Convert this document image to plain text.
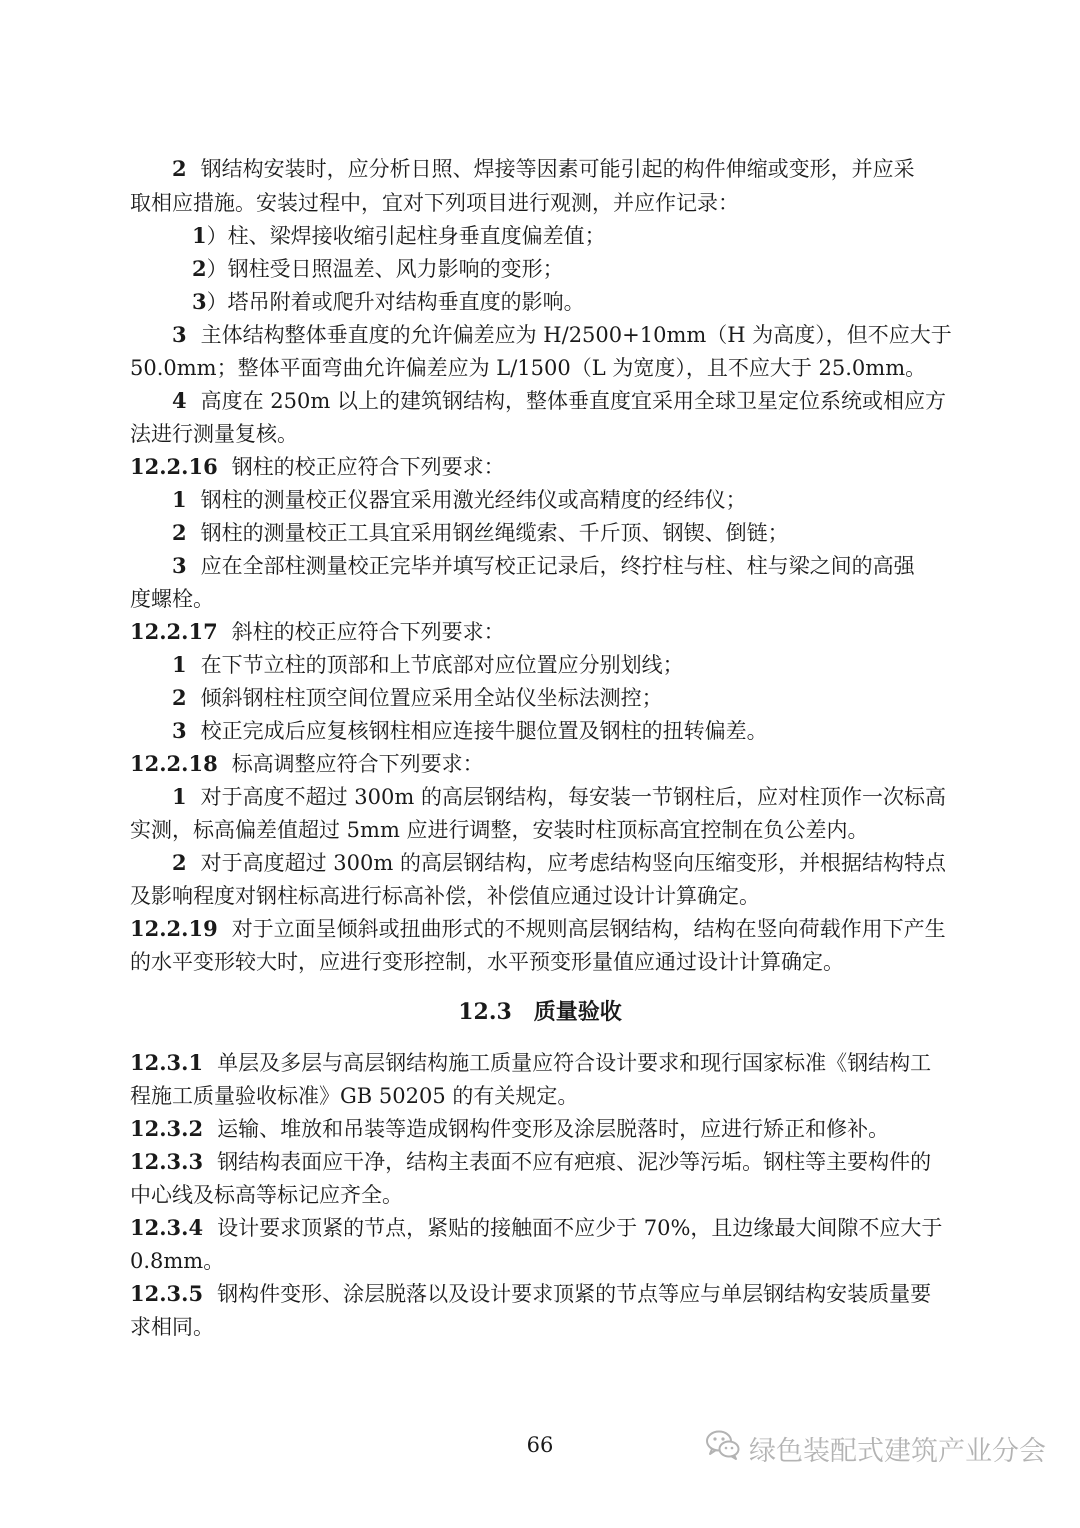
2 钢结构安装时，应分析日照、焊接等因素可能引起的构件伸缩或变形，并应采
取相应措施。安装过程中，宜对下列项目进行观测，并应作记录：
1）柱、梁焊接收缩引起柱身垂直度偏差值；
2）钢柱受日照温差、风力影响的变形；
3）塔吊附着或爬升对结构垂直度的影响。
3 主体结构整体垂直度的允许偏差应为 H/2500+10mm（H 为高度），但不应大于
50.0mm；整体平面弯曲允许偏差应为 L/1500（L 为宽度），且不应大于 25.0mm。
4 高度在 250m 以上的建筑钢结构，整体垂直度宜采用全球卫星定位系统或相应方
法进行测量复核。
12.2.16 钢柱的校正应符合下列要求：
1 钢柱的测量校正仪器宜采用激光经纬仪或高精度的经纬仪；
2 钢柱的测量校正工具宜采用钢丝绳缆索、千斤顶、钢锲、倒链；
3 应在全部柱测量校正完毕并填写校正记录后，终拧柱与柱、柱与梁之间的高强
度螺栓。
12.2.17 斜柱的校正应符合下列要求：
1 在下节立柱的顶部和上节底部对应位置应分别划线；
2 倾斜钢柱柱顶空间位置应采用全站仪坐标法测控；
3 校正完成后应复核钢柱相应连接牛腿位置及钢柱的扭转偏差。
12.2.18 标高调整应符合下列要求：
1 对于高度不超过 300m 的高层钢结构，每安装一节钢柱后，应对柱顶作一次标高
实测，标高偏差值超过 5mm 应进行调整，安装时柱顶标高宜控制在负公差内。
2 对于高度超过 300m 的高层钢结构，应考虑结构竖向压缩变形，并根据结构特点
及影响程度对钢柱标高进行标高补偿，补偿值应通过设计计算确定。
12.2.19 对于立面呈倾斜或扭曲形式的不规则高层钢结构，结构在竖向荷载作用下产生
的水平变形较大时，应进行变形控制，水平预变形量值应通过设计计算确定。
12.3　质量验收
12.3.1 单层及多层与高层钢结构施工质量应符合设计要求和现行国家标准《钢结构工
程施工质量验收标准》GB 50205 的有关规定。
12.3.2 运输、堆放和吊装等造成钢构件变形及涂层脱落时，应进行矫正和修补。
12.3.3 钢结构表面应干净，结构主表面不应有疤痕、泥沙等污垢。钢柱等主要构件的
中心线及标高等标记应齐全。
12.3.4 设计要求顶紧的节点，紧贴的接触面不应少于 70%，且边缘最大间隙不应大于
0.8mm。
12.3.5 钢构件变形、涂层脱落以及设计要求顶紧的节点等应与单层钢结构安装质量要
求相同。
66	绿色装配式建筑产业分会
